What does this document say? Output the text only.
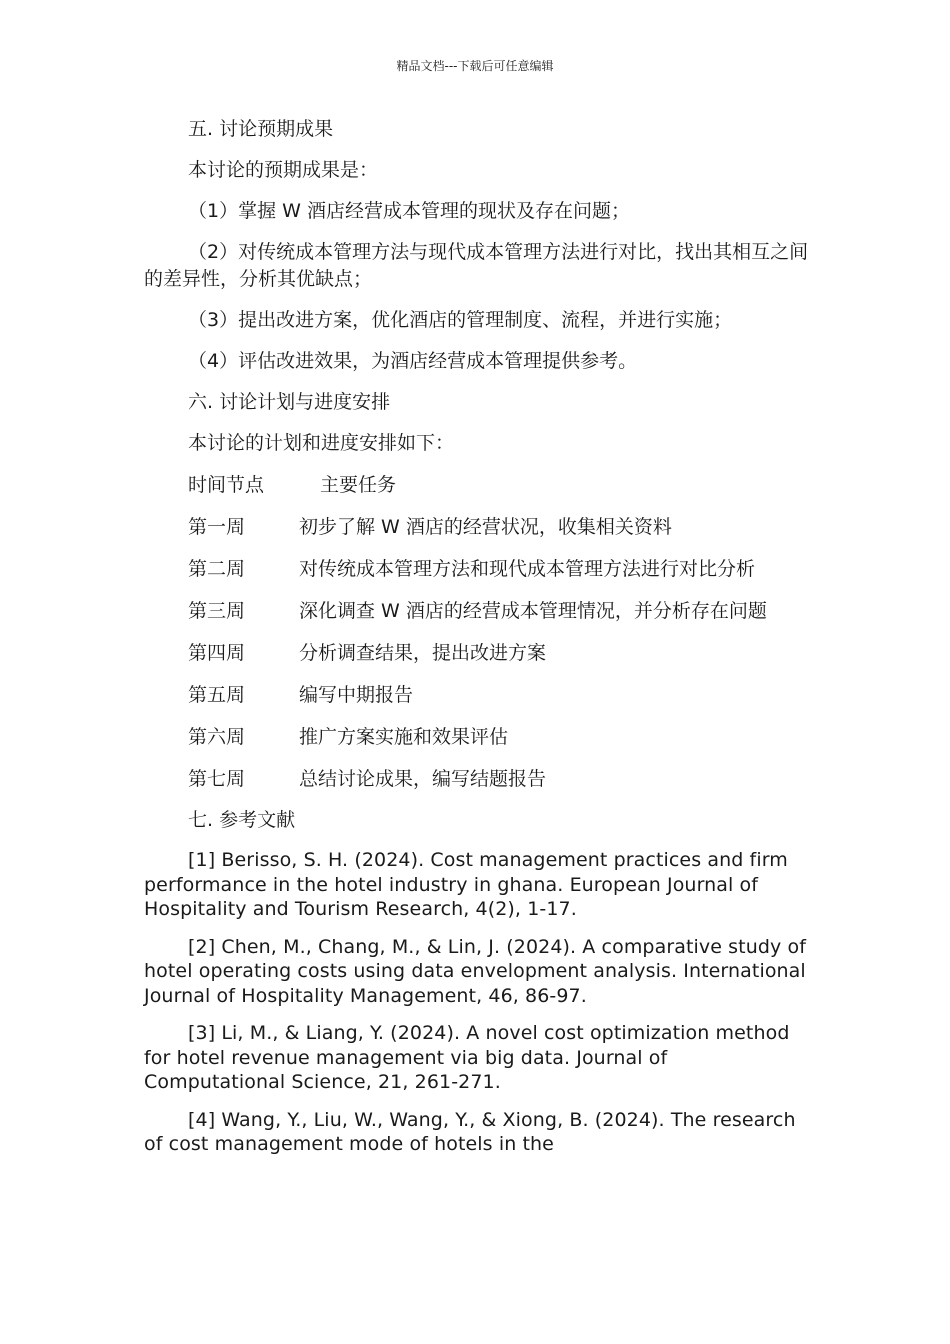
精品文档---下载后可任意编辑

五. 讨论预期成果

本讨论的预期成果是：

（1）掌握 W 酒店经营成本管理的现状及存在问题；

（2）对传统成本管理方法与现代成本管理方法进行对比，找出其相互之间的差异性，分析其优缺点；

（3）提出改进方案，优化酒店的管理制度、流程，并进行实施；

（4）评估改进效果，为酒店经营成本管理提供参考。

六. 讨论计划与进度安排

本讨论的计划和进度安排如下：

时间节点	主要任务
第一周	初步了解 W 酒店的经营状况，收集相关资料
第二周	对传统成本管理方法和现代成本管理方法进行对比分析
第三周	深化调查 W 酒店的经营成本管理情况，并分析存在问题
第四周	分析调查结果，提出改进方案
第五周	编写中期报告
第六周	推广方案实施和效果评估
第七周	总结讨论成果，编写结题报告

七. 参考文献

[1] Berisso, S. H. (2024). Cost management practices and firm performance in the hotel industry in ghana. European Journal of Hospitality and Tourism Research, 4(2), 1-17.

[2] Chen, M., Chang, M., & Lin, J. (2024). A comparative study of hotel operating costs using data envelopment analysis. International Journal of Hospitality Management, 46, 86-97.

[3] Li, M., & Liang, Y. (2024). A novel cost optimization method for hotel revenue management via big data. Journal of Computational Science, 21, 261-271.

[4] Wang, Y., Liu, W., Wang, Y., & Xiong, B. (2024). The research of cost management mode of hotels in the
